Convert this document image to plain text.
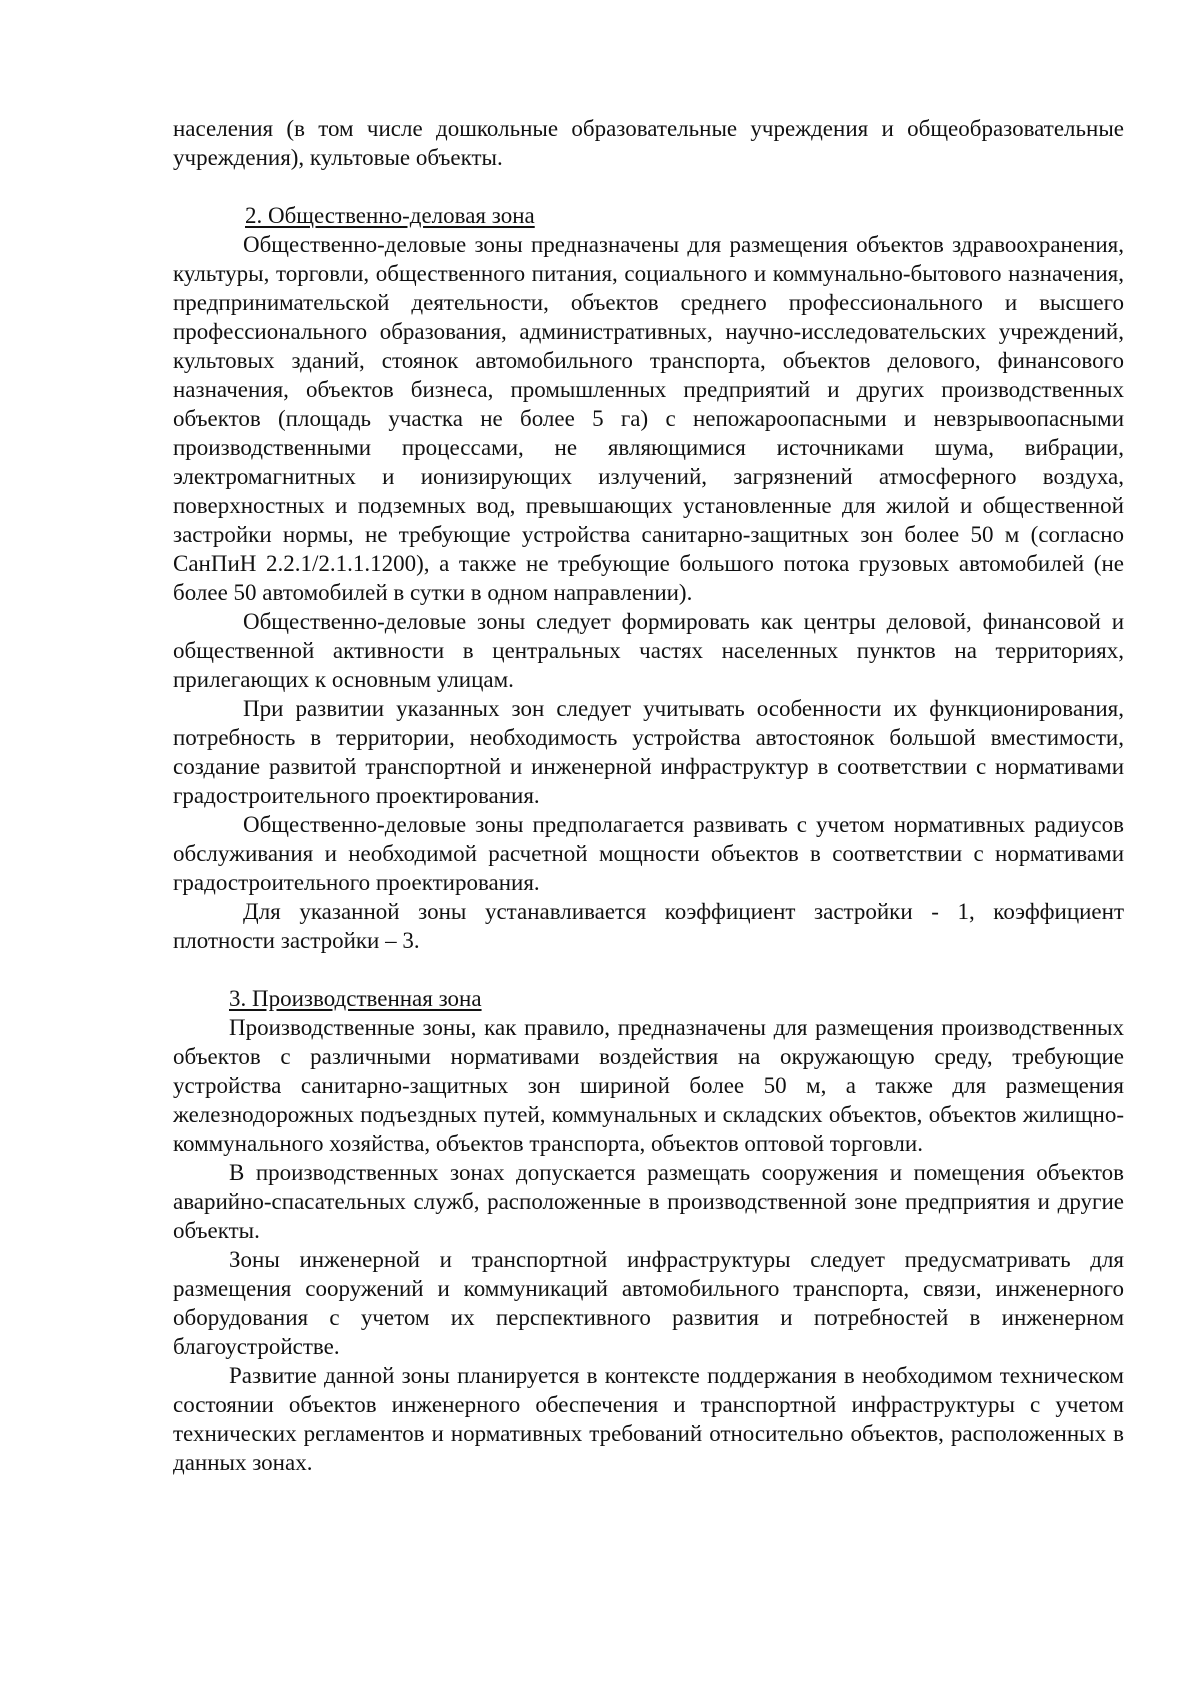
населения (в том числе дошкольные образовательные учреждения и общеобразовательные учреждения), культовые объекты.

2. Общественно-деловая зона

Общественно-деловые зоны предназначены для размещения объектов здравоохранения, культуры, торговли, общественного питания, социального и коммунально-бытового назначения, предпринимательской деятельности, объектов среднего профессионального и высшего профессионального образования, административных, научно-исследовательских учреждений, культовых зданий, стоянок автомобильного транспорта, объектов делового, финансового назначения, объектов бизнеса, промышленных предприятий и других производственных объектов (площадь участка не более 5 га) с непожароопасными и невзрывоопасными производственными процессами, не являющимися источниками шума, вибрации, электромагнитных и ионизирующих излучений, загрязнений атмосферного воздуха, поверхностных и подземных вод, превышающих установленные для жилой и общественной застройки нормы, не требующие устройства санитарно-защитных зон более 50 м (согласно СанПиН 2.2.1/2.1.1.1200), а также не требующие большого потока грузовых автомобилей (не более 50 автомобилей в сутки в одном направлении).

Общественно-деловые зоны следует формировать как центры деловой, финансовой и общественной активности в центральных частях населенных пунктов на территориях, прилегающих к основным улицам.

При развитии указанных зон следует учитывать особенности их функционирования, потребность в территории, необходимость устройства автостоянок большой вместимости, создание развитой транспортной и инженерной инфраструктур в соответствии с нормативами градостроительного проектирования.

Общественно-деловые зоны предполагается развивать с учетом нормативных радиусов обслуживания и необходимой расчетной мощности объектов в соответствии с нормативами градостроительного проектирования.

Для указанной зоны устанавливается коэффициент застройки - 1, коэффициент плотности застройки – 3.

3. Производственная зона

Производственные зоны, как правило, предназначены для размещения производственных объектов с различными нормативами воздействия на окружающую среду, требующие устройства санитарно-защитных зон шириной более 50 м, а также для размещения железнодорожных подъездных путей, коммунальных и складских объектов, объектов жилищно-коммунального хозяйства, объектов транспорта, объектов оптовой торговли.

В производственных зонах допускается размещать сооружения и помещения объектов аварийно-спасательных служб, расположенные в производственной зоне предприятия и другие объекты.

Зоны инженерной и транспортной инфраструктуры следует предусматривать для размещения сооружений и коммуникаций автомобильного транспорта, связи, инженерного оборудования с учетом их перспективного развития и потребностей в инженерном благоустройстве.

Развитие данной зоны планируется в контексте поддержания в необходимом техническом состоянии объектов инженерного обеспечения и транспортной инфраструктуры с учетом технических регламентов и нормативных требований относительно объектов, расположенных в данных зонах.
